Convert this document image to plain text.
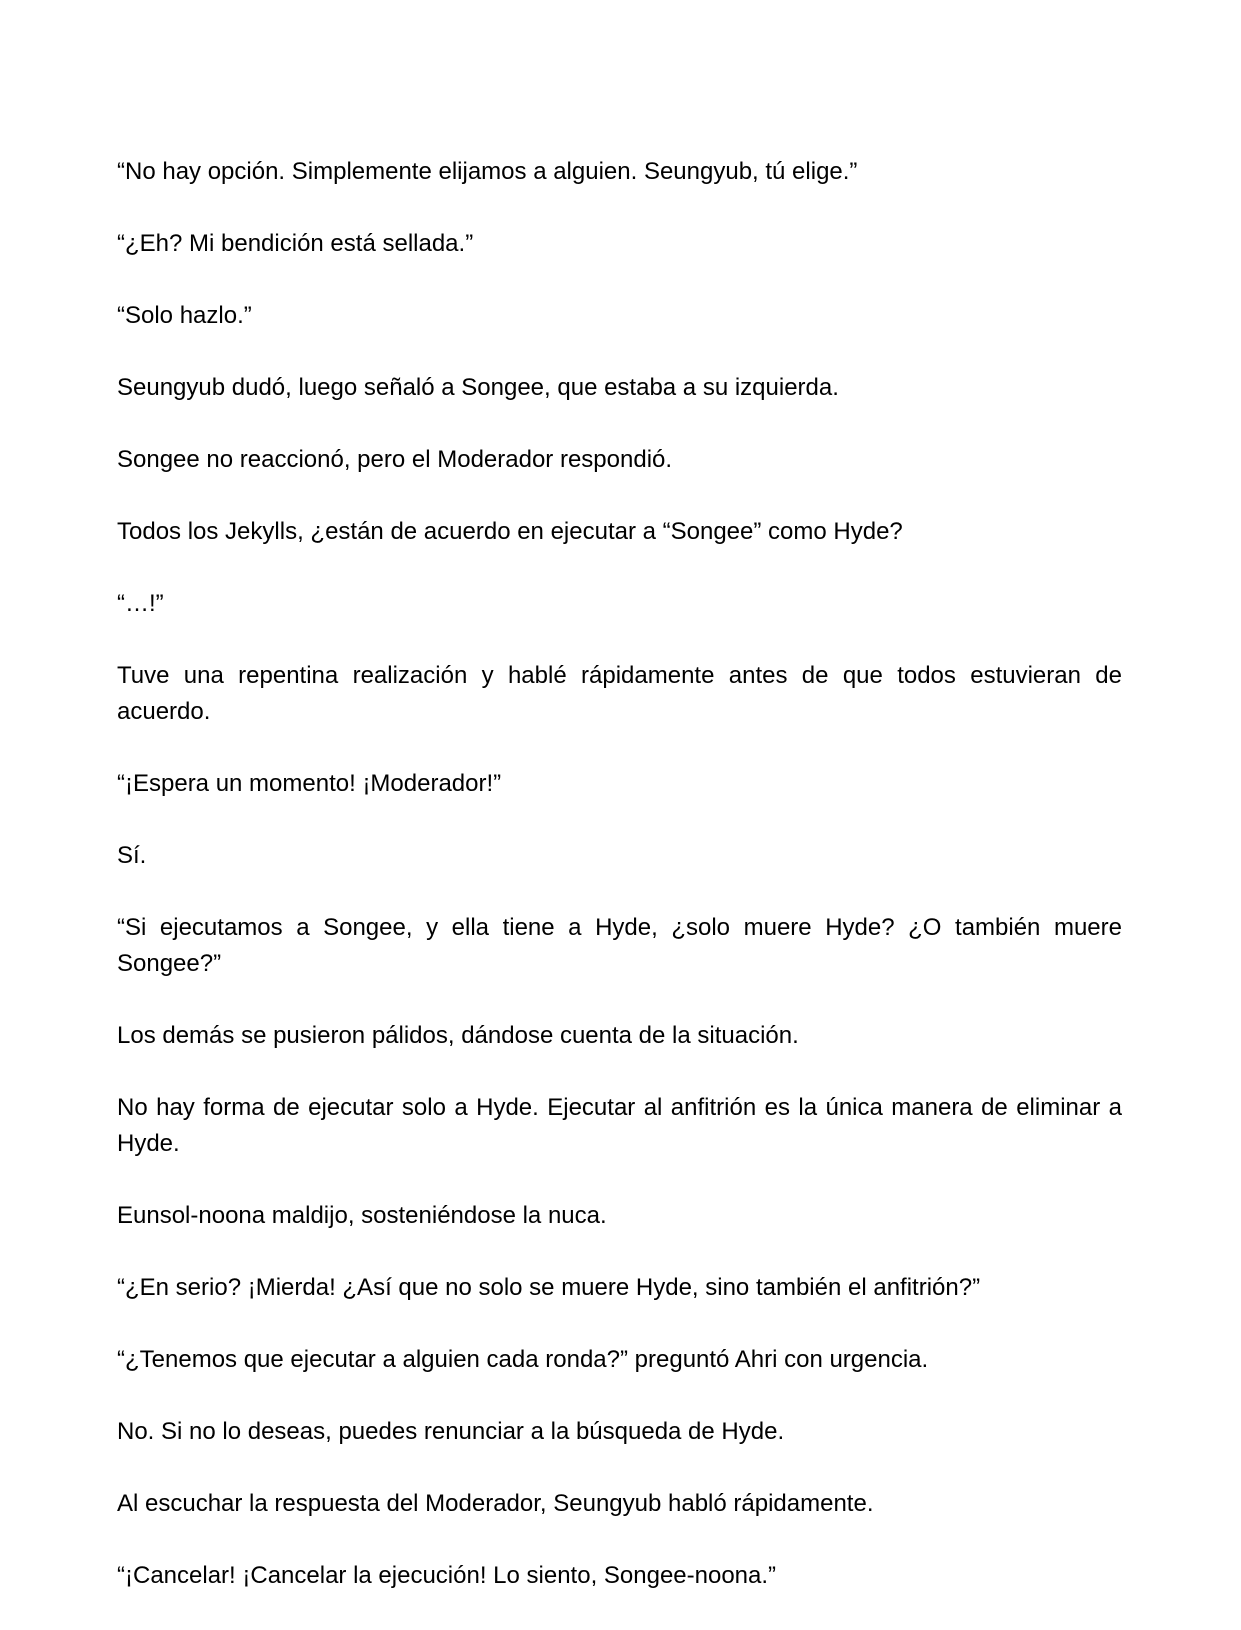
“No hay opción. Simplemente elijamos a alguien. Seungyub, tú elige.”

“¿Eh? Mi bendición está sellada.”

“Solo hazlo.”

Seungyub dudó, luego señaló a Songee, que estaba a su izquierda.

Songee no reaccionó, pero el Moderador respondió.

Todos los Jekylls, ¿están de acuerdo en ejecutar a “Songee” como Hyde?

“…!”

Tuve una repentina realización y hablé rápidamente antes de que todos estuvieran de acuerdo.

“¡Espera un momento! ¡Moderador!”

Sí.

“Si ejecutamos a Songee, y ella tiene a Hyde, ¿solo muere Hyde? ¿O también muere Songee?”

Los demás se pusieron pálidos, dándose cuenta de la situación.

No hay forma de ejecutar solo a Hyde. Ejecutar al anfitrión es la única manera de eliminar a Hyde.

Eunsol-noona maldijo, sosteniéndose la nuca.

“¿En serio? ¡Mierda! ¿Así que no solo se muere Hyde, sino también el anfitrión?”

“¿Tenemos que ejecutar a alguien cada ronda?” preguntó Ahri con urgencia.

No. Si no lo deseas, puedes renunciar a la búsqueda de Hyde.

Al escuchar la respuesta del Moderador, Seungyub habló rápidamente.

“¡Cancelar! ¡Cancelar la ejecución! Lo siento, Songee-noona.”
